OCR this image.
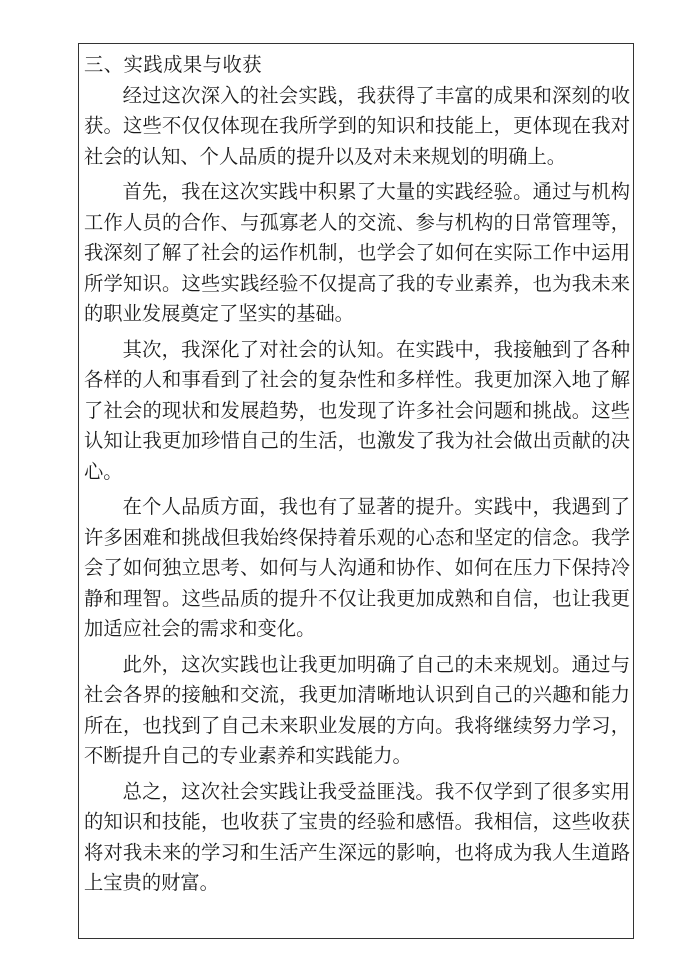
三、实践成果与收获

经过这次深入的社会实践，我获得了丰富的成果和深刻的收获。这些不仅仅体现在我所学到的知识和技能上，更体现在我对社会的认知、个人品质的提升以及对未来规划的明确上。

首先，我在这次实践中积累了大量的实践经验。通过与机构工作人员的合作、与孤寡老人的交流、参与机构的日常管理等，我深刻了解了社会的运作机制，也学会了如何在实际工作中运用所学知识。这些实践经验不仅提高了我的专业素养，也为我未来的职业发展奠定了坚实的基础。

其次，我深化了对社会的认知。在实践中，我接触到了各种各样的人和事看到了社会的复杂性和多样性。我更加深入地了解了社会的现状和发展趋势，也发现了许多社会问题和挑战。这些认知让我更加珍惜自己的生活，也激发了我为社会做出贡献的决心。

在个人品质方面，我也有了显著的提升。实践中，我遇到了许多困难和挑战但我始终保持着乐观的心态和坚定的信念。我学会了如何独立思考、如何与人沟通和协作、如何在压力下保持冷静和理智。这些品质的提升不仅让我更加成熟和自信，也让我更加适应社会的需求和变化。

此外，这次实践也让我更加明确了自己的未来规划。通过与社会各界的接触和交流，我更加清晰地认识到自己的兴趣和能力所在，也找到了自己未来职业发展的方向。我将继续努力学习，不断提升自己的专业素养和实践能力。

总之，这次社会实践让我受益匪浅。我不仅学到了很多实用的知识和技能，也收获了宝贵的经验和感悟。我相信，这些收获将对我未来的学习和生活产生深远的影响，也将成为我人生道路上宝贵的财富。
